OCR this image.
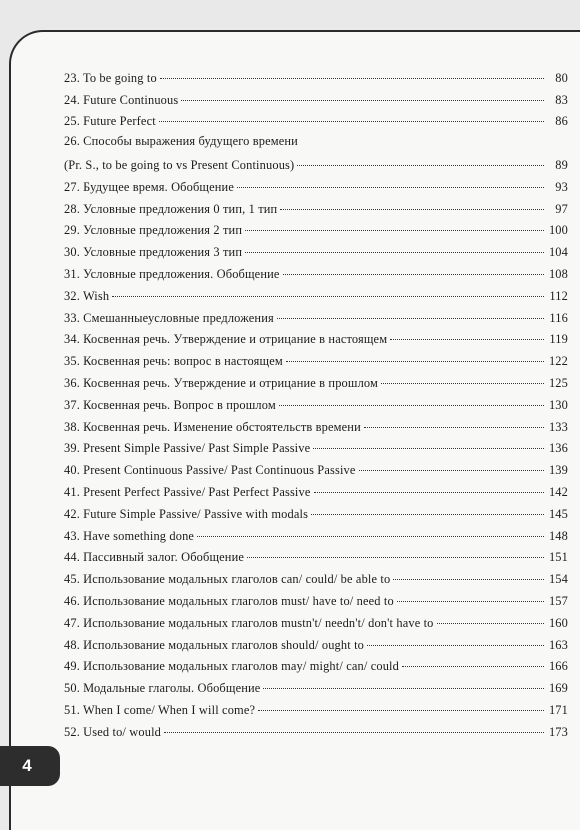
23. To be going to	80
24. Future Continuous	83
25. Future Perfect	86
26. Способы выражения будущего времени
(Pr. S., to be going to vs Present Continuous)	89
27. Будущее время. Обобщение	93
28. Условные предложения 0 тип, 1 тип	97
29. Условные предложения 2 тип	100
30. Условные предложения 3 тип	104
31. Условные предложения. Обобщение	108
32. Wish	112
33. Смешанныеусловные предложения	116
34. Косвенная речь. Утверждение и отрицание в настоящем	119
35. Косвенная речь: вопрос в настоящем	122
36. Косвенная речь. Утверждение и отрицание в прошлом	125
37. Косвенная речь. Вопрос в прошлом	130
38. Косвенная речь. Изменение обстоятельств времени	133
39. Present Simple Passive/ Past Simple Passive	136
40. Present Continuous Passive/ Past Continuous Passive	139
41. Present Perfect Passive/ Past Perfect Passive	142
42. Future Simple Passive/ Passive with modals	145
43. Have something done	148
44. Пассивный залог. Обобщение	151
45. Использование модальных глаголов can/ could/ be able to	154
46. Использование модальных глаголов must/ have to/ need to	157
47. Использование модальных глаголов mustn't/ needn't/ don't have to	160
48. Использование модальных глаголов should/ ought to	163
49. Использование модальных глаголов may/ might/ can/ could	166
50. Модальные глаголы. Обобщение	169
51. When I come/ When I will come?	171
52. Used to/ would	173
4
